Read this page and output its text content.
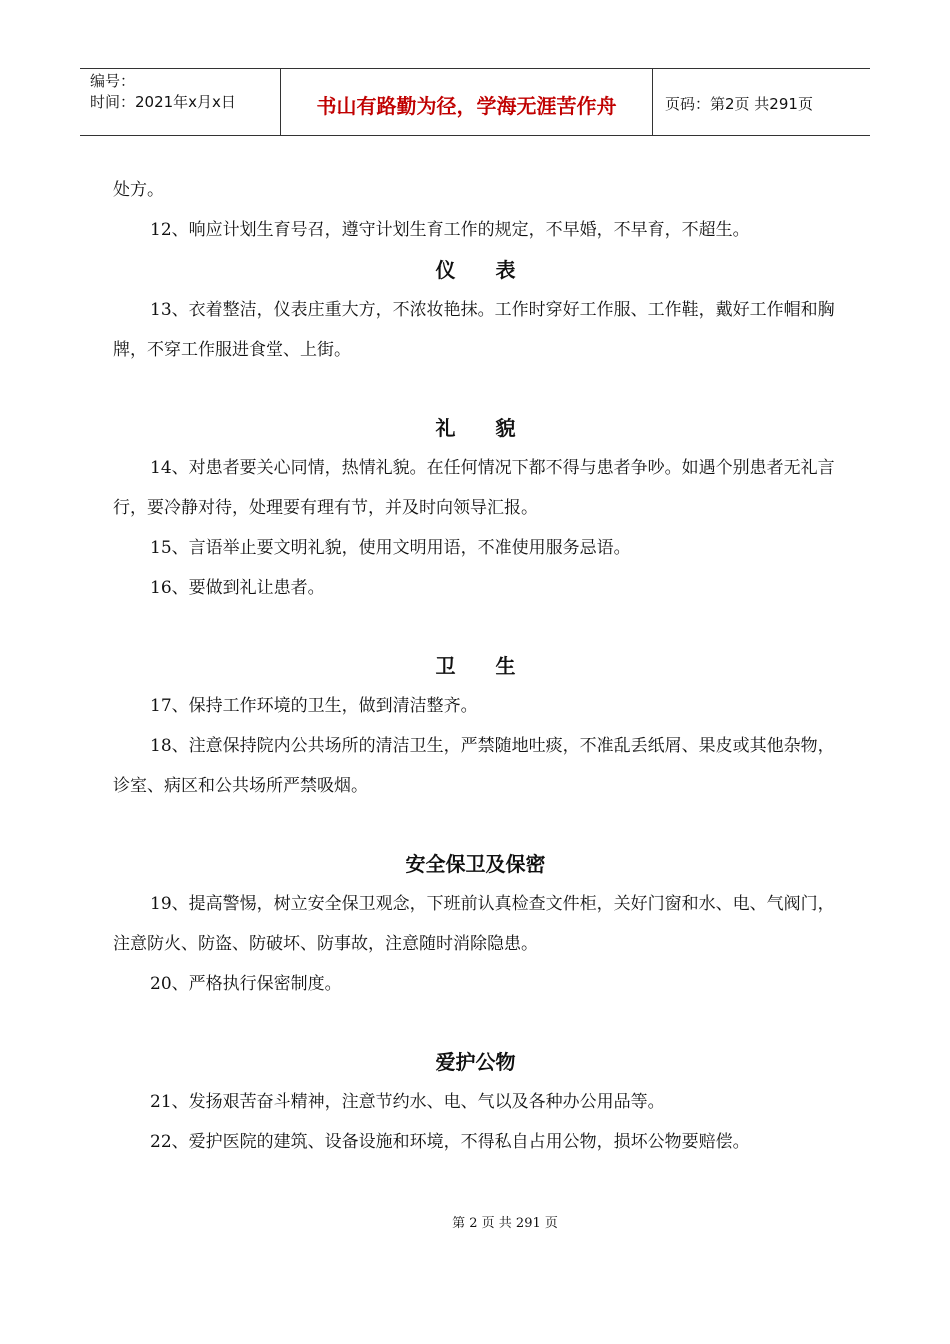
编号：
时间：2021年x月x日	书山有路勤为径，学海无涯苦作舟	页码：第2页 共291页

处方。

12、响应计划生育号召，遵守计划生育工作的规定，不早婚，不早育，不超生。

仪　　表

13、衣着整洁，仪表庄重大方，不浓妆艳抹。工作时穿好工作服、工作鞋，戴好工作帽和胸牌，不穿工作服进食堂、上街。

礼　　貌

14、对患者要关心同情，热情礼貌。在任何情况下都不得与患者争吵。如遇个别患者无礼言行，要冷静对待，处理要有理有节，并及时向领导汇报。

15、言语举止要文明礼貌，使用文明用语，不准使用服务忌语。

16、要做到礼让患者。

卫　　生

17、保持工作环境的卫生，做到清洁整齐。

18、注意保持院内公共场所的清洁卫生，严禁随地吐痰，不准乱丢纸屑、果皮或其他杂物，诊室、病区和公共场所严禁吸烟。

安全保卫及保密

19、提高警惕，树立安全保卫观念，下班前认真检查文件柜，关好门窗和水、电、气阀门，注意防火、防盗、防破坏、防事故，注意随时消除隐患。

20、严格执行保密制度。

爱护公物

21、发扬艰苦奋斗精神，注意节约水、电、气以及各种办公用品等。

22、爱护医院的建筑、设备设施和环境，不得私自占用公物，损坏公物要赔偿。

第 2 页 共 291 页
